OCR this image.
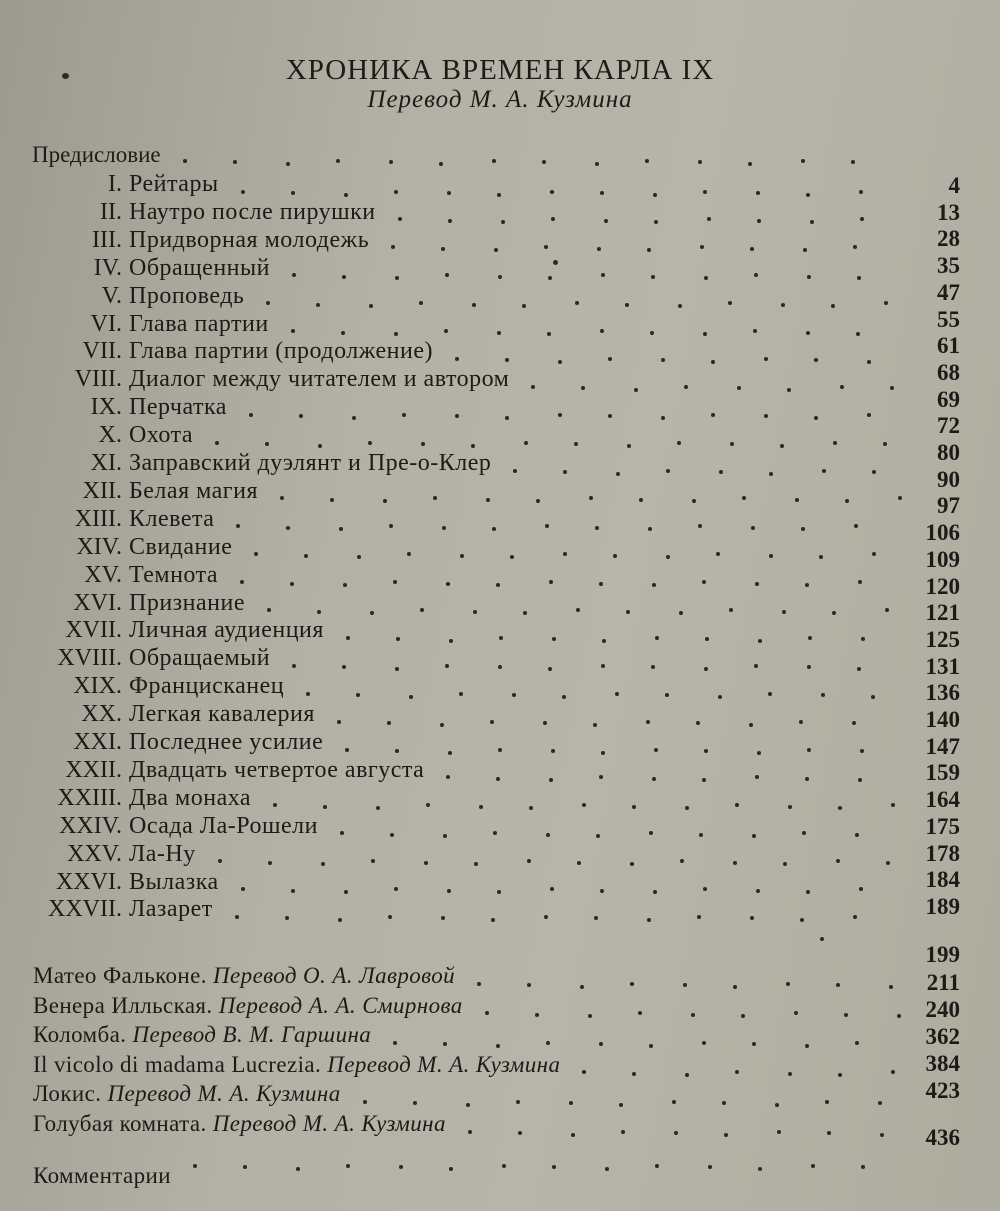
ХРОНИКА ВРЕМЕН КАРЛА IX
Перевод М. А. Кузмина
Предисловие
I. Рейтары
II. Наутро после пирушки
III. Придворная молодежь
IV. Обращенный
V. Проповедь
VI. Глава партии
VII. Глава партии (продолжение)
VIII. Диалог между читателем и автором
IX. Перчатка
X. Охота
XI. Заправский дуэлянт и Пре-о-Клер
XII. Белая магия
XIII. Клевета
XIV. Свидание
XV. Темнота
XVI. Признание
XVII. Личная аудиенция
XVIII. Обращаемый
XIX. Францисканец
XX. Легкая кавалерия
XXI. Последнее усилие
XXII. Двадцать четвертое августа
XXIII. Два монаха
XXIV. Осада Ла-Рошели
XXV. Ла-Ну
XXVI. Вылазка
XXVII. Лазарет
4
13
28
35
47
55
61
68
69
72
80
90
97
106
109
120
121
125
131
136
140
147
159
164
175
178
184
189
Матео Фальконе. Перевод О. А. Лавровой
199
Венера Илльская. Перевод А. А. Смирнова
211
Коломба. Перевод В. М. Гаршина
240
Il vicolo di madama Lucrezia. Перевод М. А. Кузмина
362
Локис. Перевод М. А. Кузмина
384
Голубая комната. Перевод М. А. Кузмина
423
436
Комментарии
